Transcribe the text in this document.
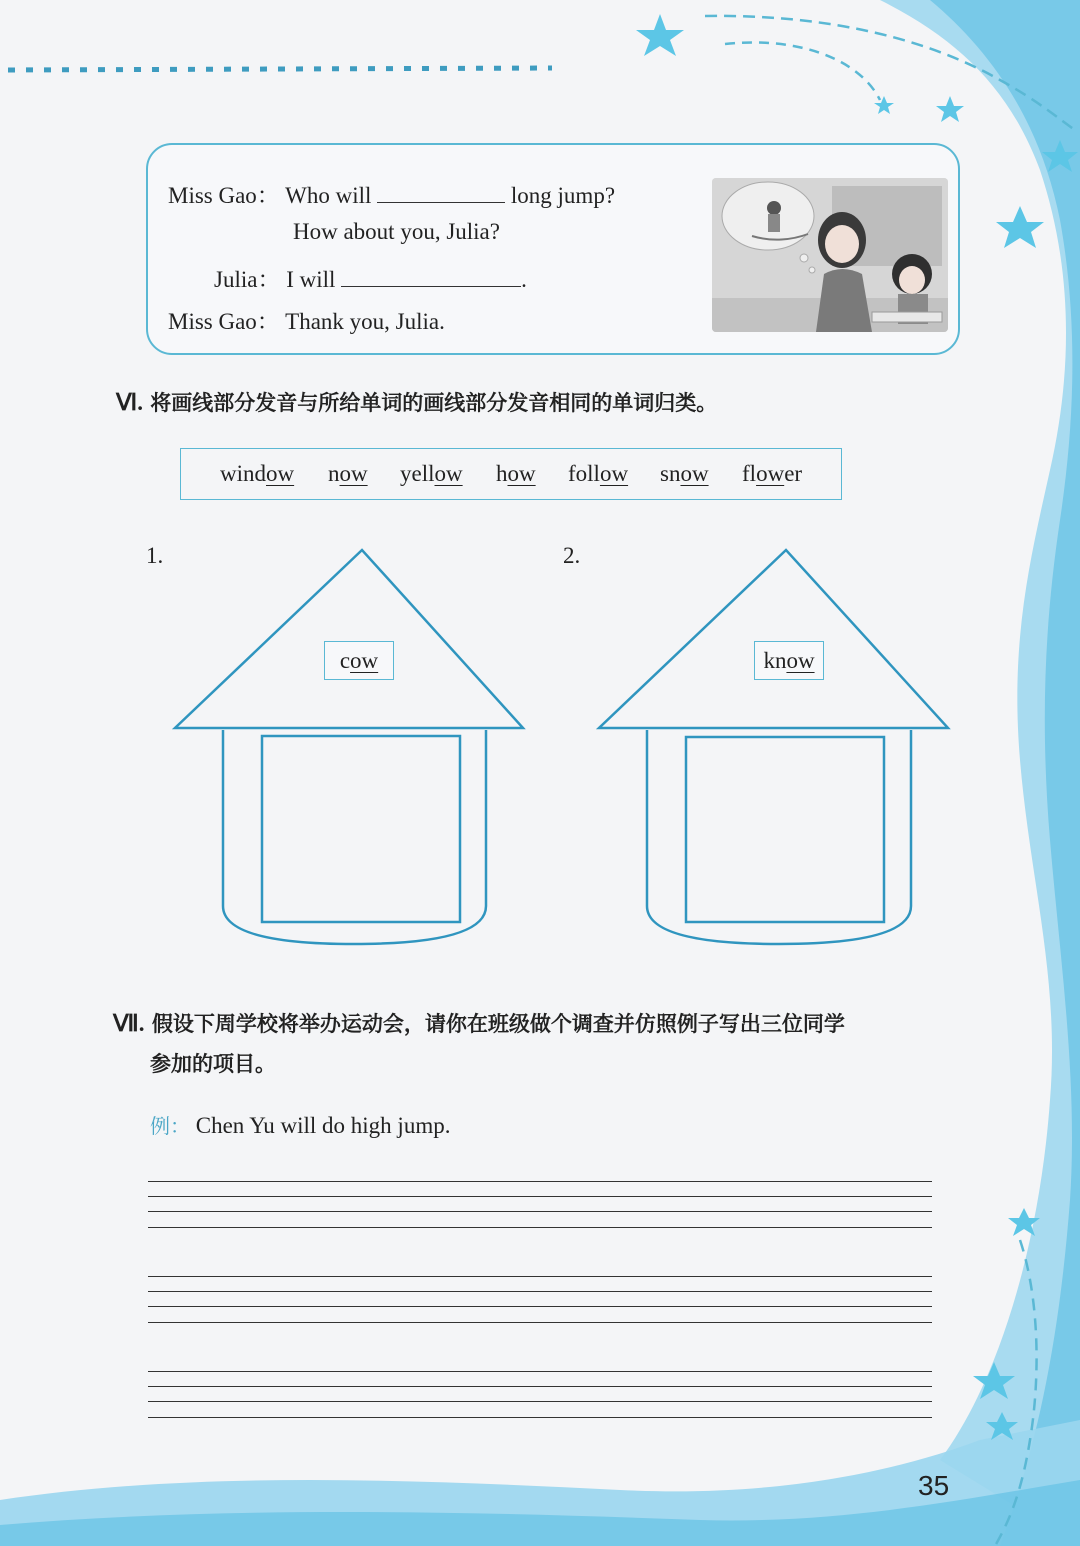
Miss Gao： Who will	long jump?
How about you, Julia?
Julia： I will	.
Miss Gao： Thank you, Julia.
Ⅵ. 将画线部分发音与所给单词的画线部分发音相同的单词归类。
window now yellow how follow snow flower
1.	2.
cow	know
Ⅶ. 假设下周学校将举办运动会，请你在班级做个调查并仿照例子写出三位同学
参加的项目。
例： Chen Yu will do high jump.
35
